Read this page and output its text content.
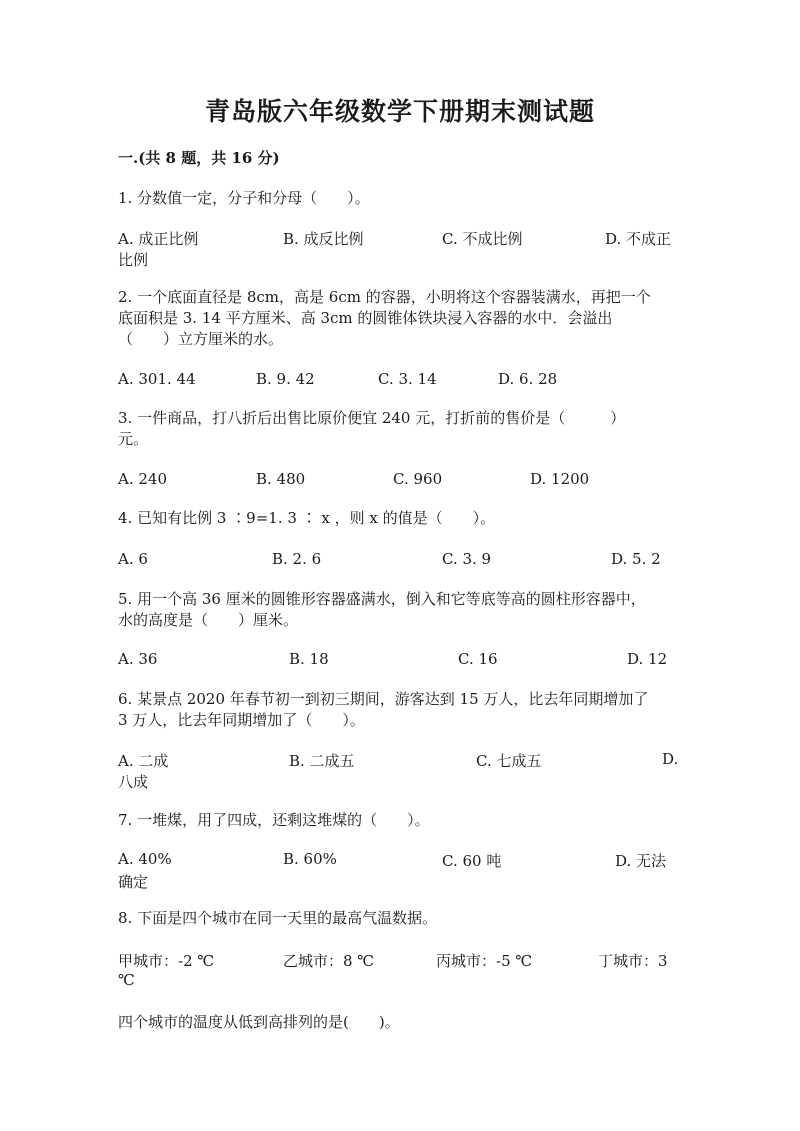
青岛版六年级数学下册期末测试题
一.(共 8 题，共 16 分)
1. 分数值一定，分子和分母（　　）。
A. 成正比例	B. 成反比例	C. 不成比例	D. 不成正
比例
2. 一个底面直径是 8cm，高是 6cm 的容器，小明将这个容器装满水，再把一个
底面积是 3. 14 平方厘米、高 3cm 的圆锥体铁块浸入容器的水中．会溢出
（　　）立方厘米的水。
A. 301. 44	B. 9. 42	C. 3. 14	D. 6. 28
3. 一件商品，打八折后出售比原价便宜 240 元，打折前的售价是（　　　）
元。
A. 240	B. 480	C. 960	D. 1200
4. 已知有比例 3 ∶9=1. 3 ∶ x ，则 x 的值是（　　）。
A. 6	B. 2. 6	C. 3. 9	D. 5. 2
5. 用一个高 36 厘米的圆锥形容器盛满水，倒入和它等底等高的圆柱形容器中，
水的高度是（　　）厘米。
A. 36	B. 18	C. 16	D. 12
6. 某景点 2020 年春节初一到初三期间，游客达到 15 万人，比去年同期增加了
3 万人，比去年同期增加了（　　）。
A. 二成	B. 二成五	C. 七成五	D.
八成
7. 一堆煤，用了四成，还剩这堆煤的（　　）。
A. 40%	B. 60%	C. 60 吨	D. 无法
确定
8. 下面是四个城市在同一天里的最高气温数据。
甲城市：-2 ℃	乙城市：8 ℃	丙城市：-5 ℃	丁城市：3
℃
四个城市的温度从低到高排列的是(　　)。
